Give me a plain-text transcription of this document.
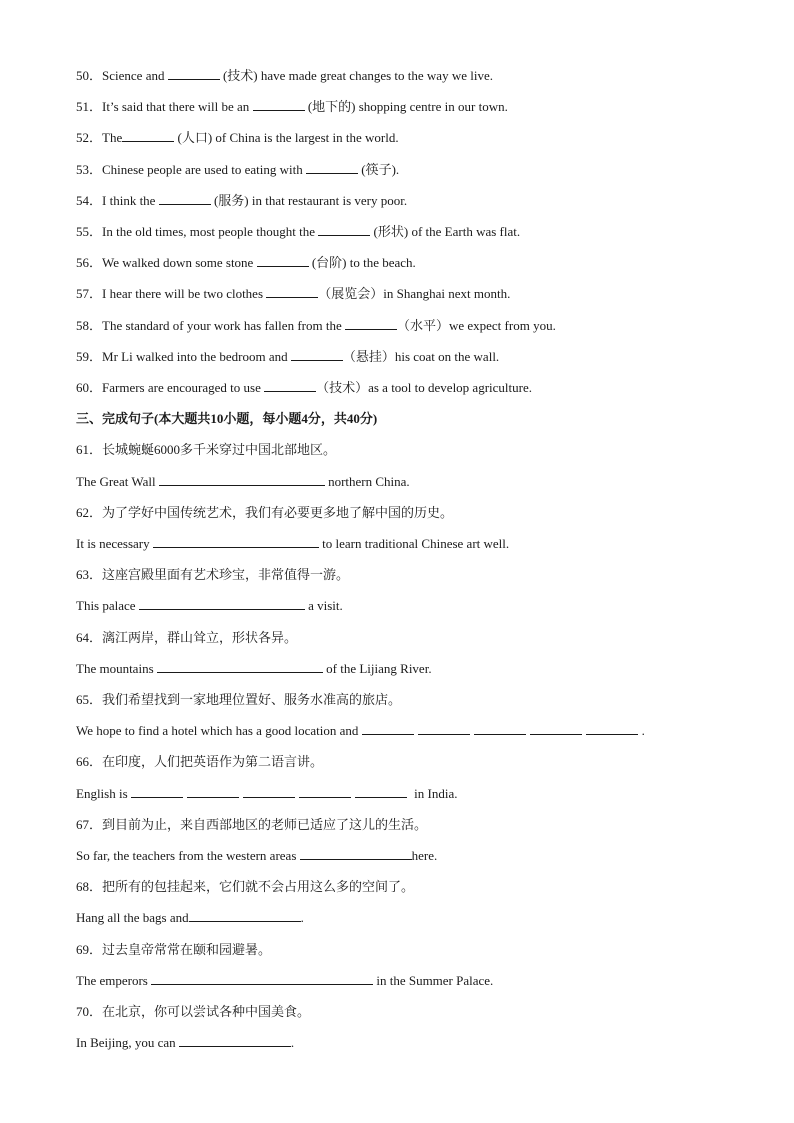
50．Science and	(技术) have made great changes to the way we live.
51．It’s said that there will be an	(地下的) shopping centre in our town.
52．The	(人口) of China is the largest in the world.
53．Chinese people are used to eating with	(筷子).
54．I think the	(服务) in that restaurant is very poor.
55．In the old times, most people thought the	(形状) of the Earth was flat.
56．We walked down some stone	(台阶) to the beach.
57．I hear there will be two clothes	（展览会）in Shanghai next month.
58．The standard of your work has fallen from the	（水平）we expect from you.
59．Mr Li walked into the bedroom and	（悬挂）his coat on the wall.
60．Farmers are encouraged to use	（技术）as a tool to develop agriculture.
三、完成句子(本大题共10小题，每小题4分，共40分)
61．长城蜿蜒6000多千米穿过中国北部地区。
The Great Wall	northern China.
62．为了学好中国传统艺术，我们有必要更多地了解中国的历史。
It is necessary	to learn traditional Chinese art well.
63．这座宫殿里面有艺术珍宝，非常值得一游。
This palace	a visit.
64．漓江两岸，群山耸立，形状各异。
The mountains	of the Lijiang River.
65．我们希望找到一家地理位置好、服务水准高的旅店。
We hope to find a hotel which has a good location and	.
66．在印度，人们把英语作为第二语言讲。
English is	in India.
67．到目前为止，来自西部地区的老师已适应了这儿的生活。
So far, the teachers from the western areas	here.
68．把所有的包挂起来，它们就不会占用这么多的空间了。
Hang all the bags and	.
69．过去皇帝常常在颐和园避暑。
The emperors	in the Summer Palace.
70．在北京，你可以尝试各种中国美食。
In Beijing, you can	.
